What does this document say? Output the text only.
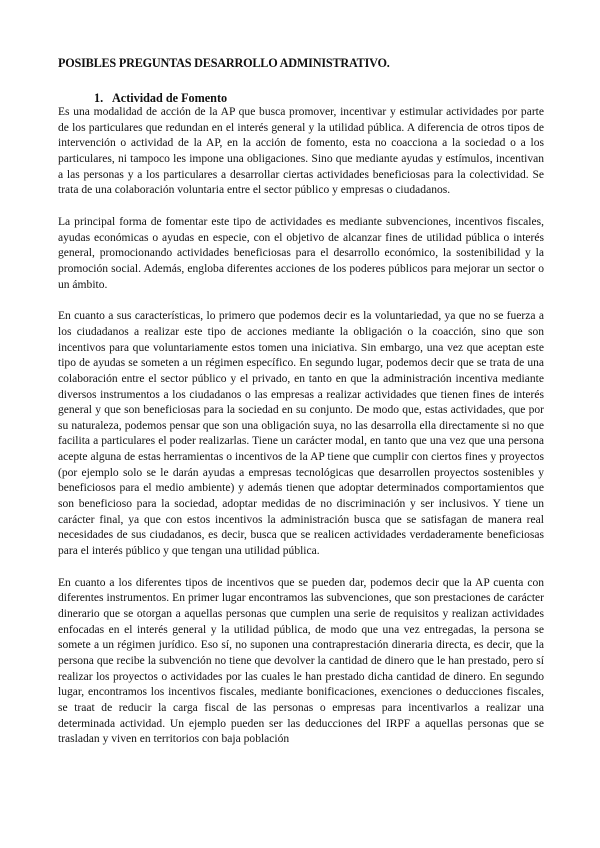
POSIBLES PREGUNTAS DESARROLLO ADMINISTRATIVO.
1. Actividad de Fomento

Es una modalidad de acción de la AP que busca promover, incentivar y estimular actividades por parte de los particulares que redundan en el interés general y la utilidad pública. A diferencia de otros tipos de intervención o actividad de la AP, en la acción de fomento, esta no coacciona a la sociedad o a los particulares, ni tampoco les impone una obligaciones. Sino que mediante ayudas y estímulos, incentivan a las personas y a los particulares a desarrollar ciertas actividades beneficiosas para la colectividad. Se trata de una colaboración voluntaria entre el sector público y empresas o ciudadanos.

La principal forma de fomentar este tipo de actividades es mediante subvenciones, incentivos fiscales, ayudas económicas o ayudas en especie, con el objetivo de alcanzar fines de utilidad pública o interés general, promocionando actividades beneficiosas para el desarrollo económico, la sostenibilidad y la promoción social. Además, engloba diferentes acciones de los poderes públicos para mejorar un sector o un ámbito.

En cuanto a sus características, lo primero que podemos decir es la voluntariedad, ya que no se fuerza a los ciudadanos a realizar este tipo de acciones mediante la obligación o la coacción, sino que son incentivos para que voluntariamente estos tomen una iniciativa. Sin embargo, una vez que aceptan este tipo de ayudas se someten a un régimen específico. En segundo lugar, podemos decir que se trata de una colaboración entre el sector público y el privado, en tanto en que la administración incentiva mediante diversos instrumentos a los ciudadanos o las empresas a realizar actividades que tienen fines de interés general y que son beneficiosas para la sociedad en su conjunto. De modo que, estas actividades, que por su naturaleza, podemos pensar que son una obligación suya, no las desarrolla ella directamente si no que facilita a particulares el poder realizarlas. Tiene un carácter modal, en tanto que una vez que una persona acepte alguna de estas herramientas o incentivos de la AP tiene que cumplir con ciertos fines y proyectos (por ejemplo solo se le darán ayudas a empresas tecnológicas que desarrollen proyectos sostenibles y beneficiosos para el medio ambiente) y además tienen que adoptar determinados comportamientos que son beneficioso para la sociedad, adoptar medidas de no discriminación y ser inclusivos. Y tiene un carácter final, ya que con estos incentivos la administración busca que se satisfagan de manera real necesidades de sus ciudadanos, es decir, busca que se realicen actividades verdaderamente beneficiosas para el interés público y que tengan una utilidad pública.

En cuanto a los diferentes tipos de incentivos que se pueden dar, podemos decir que la AP cuenta con diferentes instrumentos. En primer lugar encontramos las subvenciones, que son prestaciones de carácter dinerario que se otorgan a aquellas personas que cumplen una serie de requisitos y realizan actividades enfocadas en el interés general y la utilidad pública, de modo que una vez entregadas, la persona se somete a un régimen jurídico. Eso sí, no suponen una contraprestación dineraria directa, es decir, que la persona que recibe la subvención no tiene que devolver la cantidad de dinero que le han prestado, pero sí realizar los proyectos o actividades por las cuales le han prestado dicha cantidad de dinero. En segundo lugar, encontramos los incentivos fiscales, mediante bonificaciones, exenciones o deducciones fiscales, se traat de reducir la carga fiscal de las personas o empresas para incentivarlos a realizar una determinada actividad. Un ejemplo pueden ser las deducciones del IRPF a aquellas personas que se trasladan y viven en territorios con baja población
